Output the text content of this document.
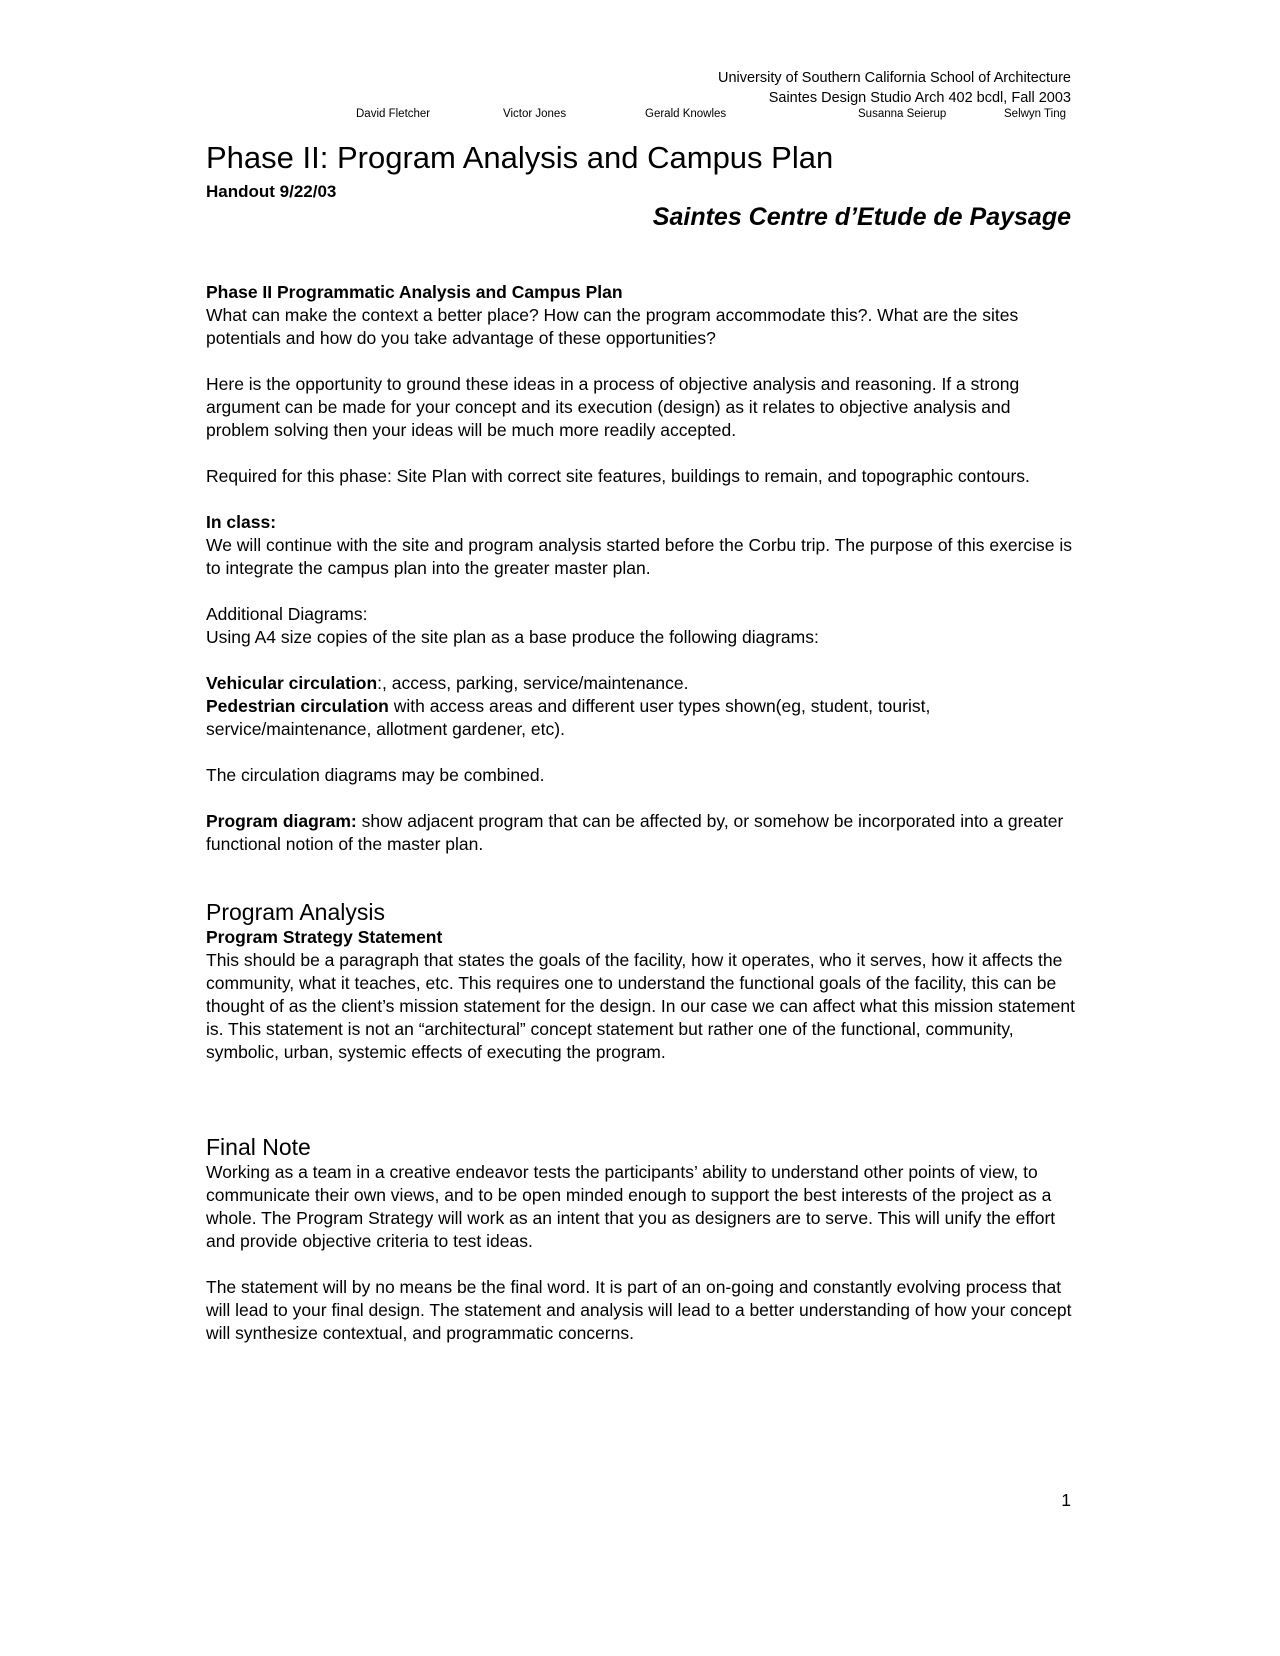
University of Southern California School of Architecture
Saintes Design Studio Arch 402 bcdl, Fall 2003
David Fletcher	Victor Jones	Gerald Knowles	Susanna Seierup	Selwyn Ting
Phase II: Program Analysis and Campus Plan
Handout 9/22/03
Saintes Centre d’Etude de Paysage

Phase II Programmatic Analysis and Campus Plan

What can make the context a better place? How can the program accommodate this?. What are the sites potentials and how do you take advantage of these opportunities?

Here is the opportunity to ground these ideas in a process of objective analysis and reasoning. If a strong argument can be made for your concept and its execution (design) as it relates to objective analysis and problem solving then your ideas will be much more readily accepted.

Required for this phase: Site Plan with correct site features, buildings to remain, and topographic contours.

In class:

We will continue with the site and program analysis started before the Corbu trip. The purpose of this exercise is to integrate the campus plan into the greater master plan.

Additional Diagrams:

Using A4 size copies of the site plan as a base produce the following diagrams:

Vehicular circulation:, access, parking, service/maintenance.

Pedestrian circulation with access areas and different user types shown(eg, student, tourist, service/maintenance, allotment gardener, etc).

The circulation diagrams may be combined.

Program diagram: show adjacent program that can be affected by, or somehow be incorporated into a greater functional notion of the master plan.

Program Analysis

Program Strategy Statement

This should be a paragraph that states the goals of the facility, how it operates, who it serves, how it affects the community, what it teaches, etc. This requires one to understand the functional goals of the facility, this can be thought of as the client’s mission statement for the design. In our case we can affect what this mission statement is. This statement is not an “architectural” concept statement but rather one of the functional, community, symbolic, urban, systemic effects of executing the program.

Final Note

Working as a team in a creative endeavor tests the participants’ ability to understand other points of view, to communicate their own views, and to be open minded enough to support the best interests of the project as a whole. The Program Strategy will work as an intent that you as designers are to serve. This will unify the effort and provide objective criteria to test ideas.

The statement will by no means be the final word. It is part of an on-going and constantly evolving process that will lead to your final design. The statement and analysis will lead to a better understanding of how your concept will synthesize contextual, and programmatic concerns.

1
